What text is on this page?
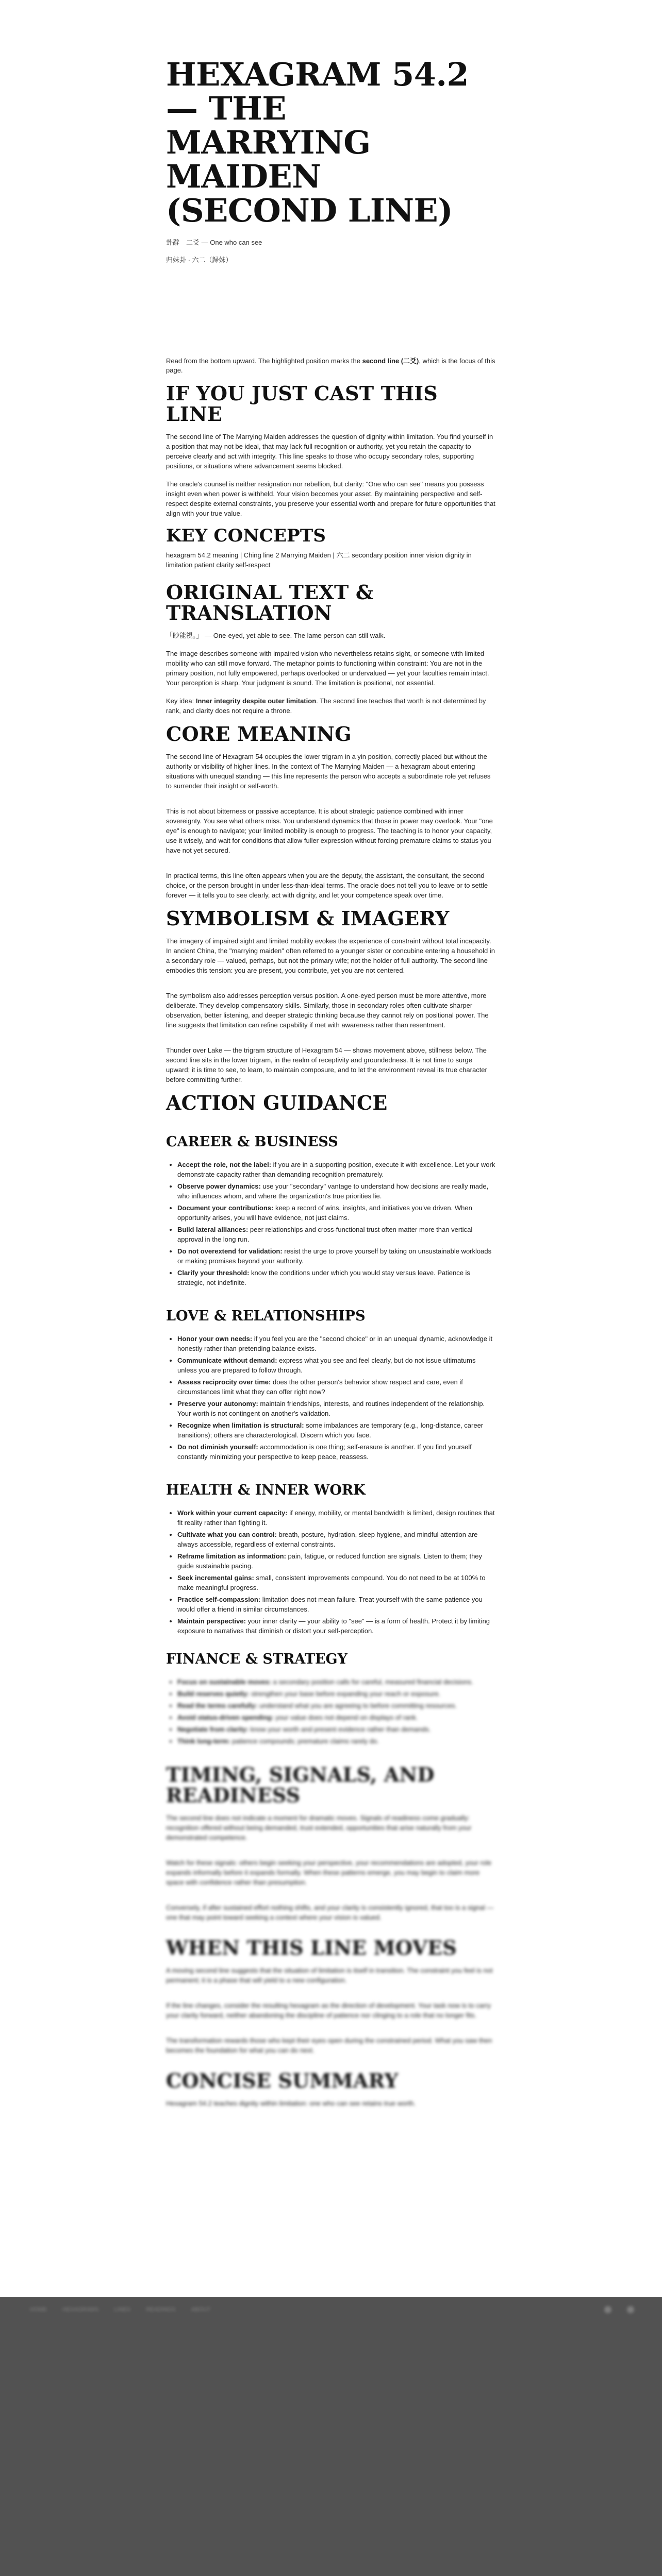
HEXAGRAM 54.2 — THE MARRYING MAIDEN (SECOND LINE)
卦辭　二爻 — One who can see
归妹卦 · 六二（歸妹）

Read from the bottom upward. The highlighted position marks the second line (二爻), which is the focus of this page.

IF YOU JUST CAST THIS LINE

The second line of The Marrying Maiden addresses the question of dignity within limitation. You find yourself in a position that may not be ideal, that may lack full recognition or authority, yet you retain the capacity to perceive clearly and act with integrity. This line speaks to those who occupy secondary roles, supporting positions, or situations where advancement seems blocked.

The oracle's counsel is neither resignation nor rebellion, but clarity: "One who can see" means you possess insight even when power is withheld. Your vision becomes your asset. By maintaining perspective and self-respect despite external constraints, you preserve your essential worth and prepare for future opportunities that align with your true value.

KEY CONCEPTS

hexagram 54.2 meaning | Ching line 2 Marrying Maiden | 六二 secondary position inner vision dignity in limitation patient clarity self-respect

ORIGINAL TEXT & TRANSLATION

「眇能視。」 — One-eyed, yet able to see. The lame person can still walk.

The image describes someone with impaired vision who nevertheless retains sight, or someone with limited mobility who can still move forward. The metaphor points to functioning within constraint: You are not in the primary position, not fully empowered, perhaps overlooked or undervalued — yet your faculties remain intact. Your perception is sharp. Your judgment is sound. The limitation is positional, not essential.

Key idea: Inner integrity despite outer limitation. The second line teaches that worth is not determined by rank, and clarity does not require a throne.

CORE MEANING

The second line of Hexagram 54 occupies the lower trigram in a yin position, correctly placed but without the authority or visibility of higher lines. In the context of The Marrying Maiden — a hexagram about entering situations with unequal standing — this line represents the person who accepts a subordinate role yet refuses to surrender their insight or self-worth.

This is not about bitterness or passive acceptance. It is about strategic patience combined with inner sovereignty. You see what others miss. You understand dynamics that those in power may overlook. Your "one eye" is enough to navigate; your limited mobility is enough to progress. The teaching is to honor your capacity, use it wisely, and wait for conditions that allow fuller expression without forcing premature claims to status you have not yet secured.

In practical terms, this line often appears when you are the deputy, the assistant, the consultant, the second choice, or the person brought in under less-than-ideal terms. The oracle does not tell you to leave or to settle forever — it tells you to see clearly, act with dignity, and let your competence speak over time.

SYMBOLISM & IMAGERY

The imagery of impaired sight and limited mobility evokes the experience of constraint without total incapacity. In ancient China, the "marrying maiden" often referred to a younger sister or concubine entering a household in a secondary role — valued, perhaps, but not the primary wife; not the holder of full authority. The second line embodies this tension: you are present, you contribute, yet you are not centered.

The symbolism also addresses perception versus position. A one-eyed person must be more attentive, more deliberate. They develop compensatory skills. Similarly, those in secondary roles often cultivate sharper observation, better listening, and deeper strategic thinking because they cannot rely on positional power. The line suggests that limitation can refine capability if met with awareness rather than resentment.

Thunder over Lake — the trigram structure of Hexagram 54 — shows movement above, stillness below. The second line sits in the lower trigram, in the realm of receptivity and groundedness. It is not time to surge upward; it is time to see, to learn, to maintain composure, and to let the environment reveal its true character before committing further.

ACTION GUIDANCE
CAREER & BUSINESS
• Accept the role, not the label: if you are in a supporting position, execute it with excellence. Let your work demonstrate capacity rather than demanding recognition prematurely.
• Observe power dynamics: use your "secondary" vantage to understand how decisions are really made, who influences whom, and where the organization's true priorities lie.
• Document your contributions: keep a record of wins, insights, and initiatives you've driven. When opportunity arises, you will have evidence, not just claims.
• Build lateral alliances: peer relationships and cross-functional trust often matter more than vertical approval in the long run.
• Do not overextend for validation: resist the urge to prove yourself by taking on unsustainable workloads or making promises beyond your authority.
• Clarify your threshold: know the conditions under which you would stay versus leave. Patience is strategic, not indefinite.
LOVE & RELATIONSHIPS
• Honor your own needs: if you feel you are the "second choice" or in an unequal dynamic, acknowledge it honestly rather than pretending balance exists.
• Communicate without demand: express what you see and feel clearly, but do not issue ultimatums unless you are prepared to follow through.
• Assess reciprocity over time: does the other person's behavior show respect and care, even if circumstances limit what they can offer right now?
• Preserve your autonomy: maintain friendships, interests, and routines independent of the relationship. Your worth is not contingent on another's validation.
• Recognize when limitation is structural: some imbalances are temporary (e.g., long-distance, career transitions); others are characterological. Discern which you face.
• Do not diminish yourself: accommodation is one thing; self-erasure is another. If you find yourself constantly minimizing your perspective to keep peace, reassess.
HEALTH & INNER WORK
• Work within your current capacity: if energy, mobility, or mental bandwidth is limited, design routines that fit reality rather than fighting it.
• Cultivate what you can control: breath, posture, hydration, sleep hygiene, and mindful attention are always accessible, regardless of external constraints.
• Reframe limitation as information: pain, fatigue, or reduced function are signals. Listen to them; they guide sustainable pacing.
• Seek incremental gains: small, consistent improvements compound. You do not need to be at 100% to make meaningful progress.
• Practice self-compassion: limitation does not mean failure. Treat yourself with the same patience you would offer a friend in similar circumstances.
• Maintain perspective: your inner clarity — your ability to "see" — is a form of health. Protect it by limiting exposure to narratives that diminish or distort your self-perception.
FINANCE & STRATEGY
• Focus on sustainable moves: a secondary position calls for careful, measured financial decisions.
• Build reserves quietly: strengthen your base before expanding your reach or exposure.
• Read the terms carefully: understand what you are agreeing to before committing resources.
• Avoid status-driven spending: your value does not depend on displays of rank.
• Negotiate from clarity: know your worth and present evidence rather than demands.
• Think long-term: patience compounds; premature claims rarely do.
TIMING, SIGNALS, AND READINESS

The second line does not indicate a moment for dramatic moves. Signals of readiness come gradually: recognition offered without being demanded, trust extended, opportunities that arise naturally from your demonstrated competence.

Watch for these signals: others begin seeking your perspective, your recommendations are adopted, your role expands informally before it expands formally. When these patterns emerge, you may begin to claim more space with confidence rather than presumption.

Conversely, if after sustained effort nothing shifts, and your clarity is consistently ignored, that too is a signal — one that may point toward seeking a context where your vision is valued.

WHEN THIS LINE MOVES

A moving second line suggests that the situation of limitation is itself in transition. The constraint you feel is not permanent; it is a phase that will yield to a new configuration.

If the line changes, consider the resulting hexagram as the direction of development. Your task now is to carry your clarity forward, neither abandoning the discipline of patience nor clinging to a role that no longer fits.

The transformation rewards those who kept their eyes open during the constrained period. What you saw then becomes the foundation for what you can do next.

CONCISE SUMMARY

Hexagram 54.2 teaches dignity within limitation: one who can see retains true worth.

HOME	HEXAGRAMS	LINES	READINGS	ABOUT
